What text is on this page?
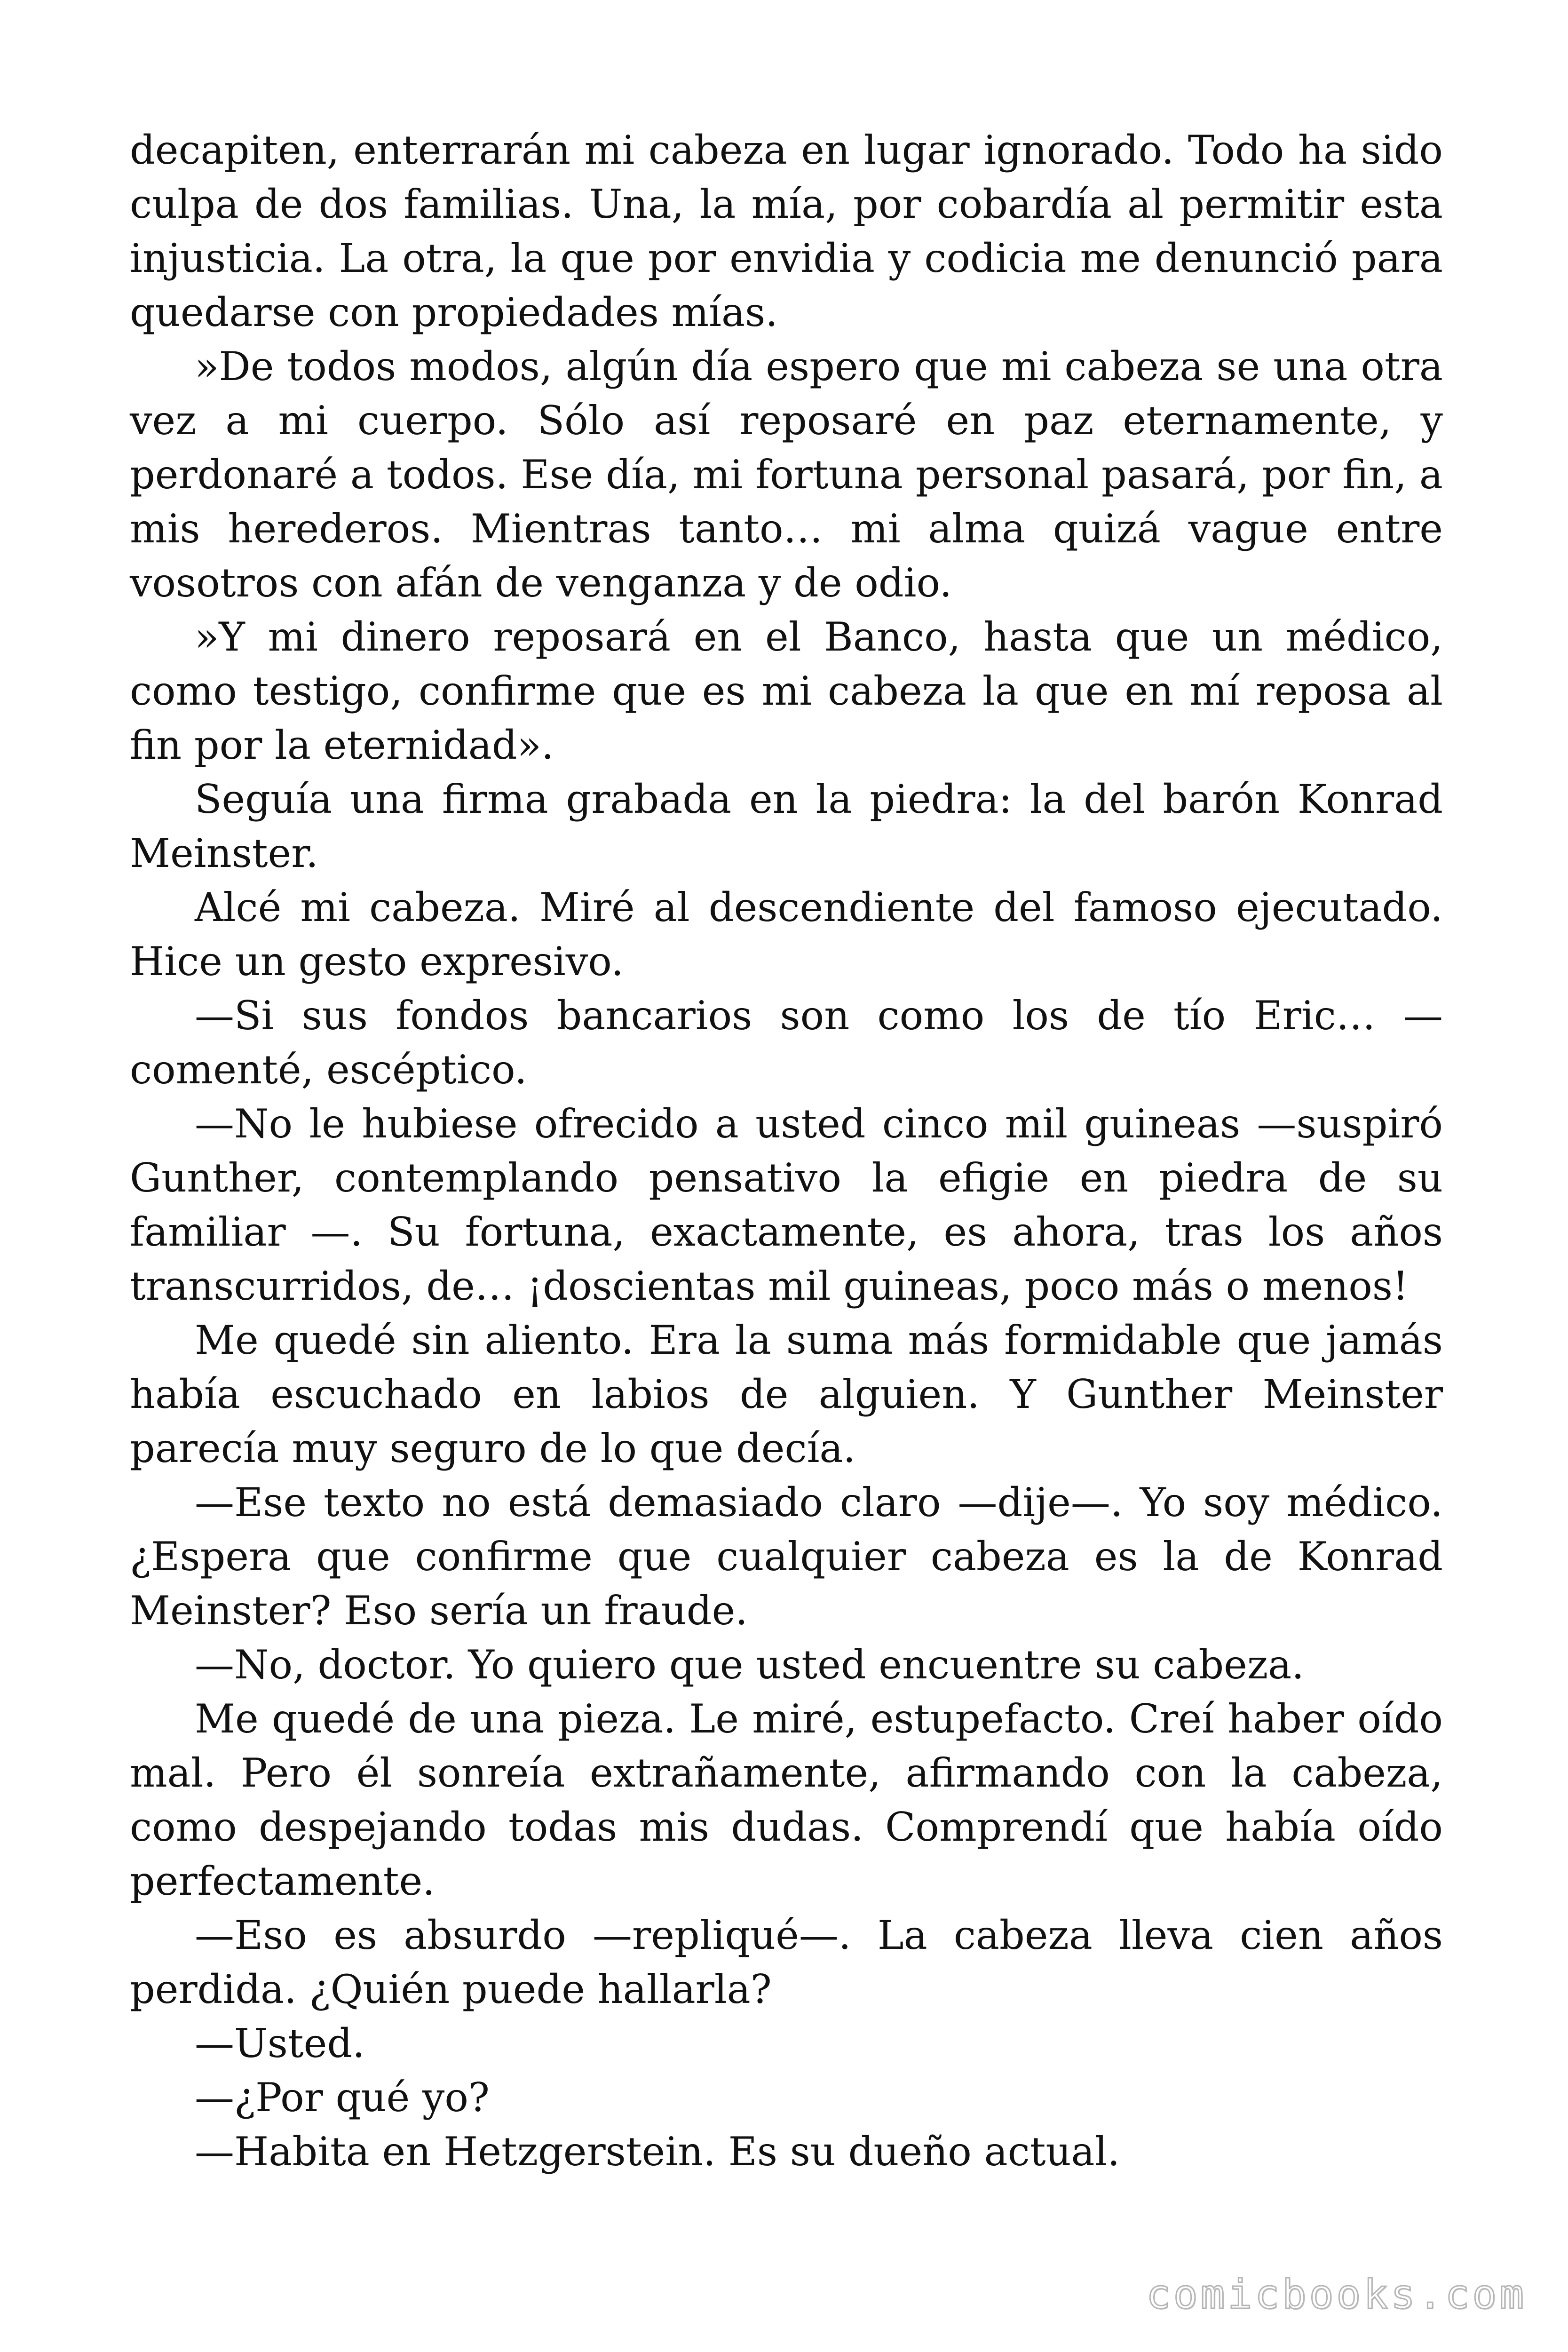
decapiten, enterrarán mi cabeza en lugar ignorado. Todo ha sido culpa de dos familias. Una, la mía, por cobardía al permitir esta injusticia. La otra, la que por envidia y codicia me denunció para quedarse con propiedades mías.

»De todos modos, algún día espero que mi cabeza se una otra vez a mi cuerpo. Sólo así reposaré en paz eternamente, y perdonaré a todos. Ese día, mi fortuna personal pasará, por fin, a mis herederos. Mientras tanto… mi alma quizá vague entre vosotros con afán de venganza y de odio.

»Y mi dinero reposará en el Banco, hasta que un médico, como testigo, confirme que es mi cabeza la que en mí reposa al fin por la eternidad».

Seguía una firma grabada en la piedra: la del barón Konrad Meinster.

Alcé mi cabeza. Miré al descendiente del famoso ejecutado. Hice un gesto expresivo.

—Si sus fondos bancarios son como los de tío Eric… —comenté, escéptico.

—No le hubiese ofrecido a usted cinco mil guineas —suspiró Gunther, contemplando pensativo la efigie en piedra de su familiar —. Su fortuna, exactamente, es ahora, tras los años transcurridos, de… ¡doscientas mil guineas, poco más o menos!

Me quedé sin aliento. Era la suma más formidable que jamás había escuchado en labios de alguien. Y Gunther Meinster parecía muy seguro de lo que decía.

—Ese texto no está demasiado claro —dije—. Yo soy médico. ¿Espera que confirme que cualquier cabeza es la de Konrad Meinster? Eso sería un fraude.

—No, doctor. Yo quiero que usted encuentre su cabeza.

Me quedé de una pieza. Le miré, estupefacto. Creí haber oído mal. Pero él sonreía extrañamente, afirmando con la cabeza, como despejando todas mis dudas. Comprendí que había oído perfectamente.

—Eso es absurdo —repliqué—. La cabeza lleva cien años perdida. ¿Quién puede hallarla?

—Usted.

—¿Por qué yo?

—Habita en Hetzgerstein. Es su dueño actual.

comicbooks.com
